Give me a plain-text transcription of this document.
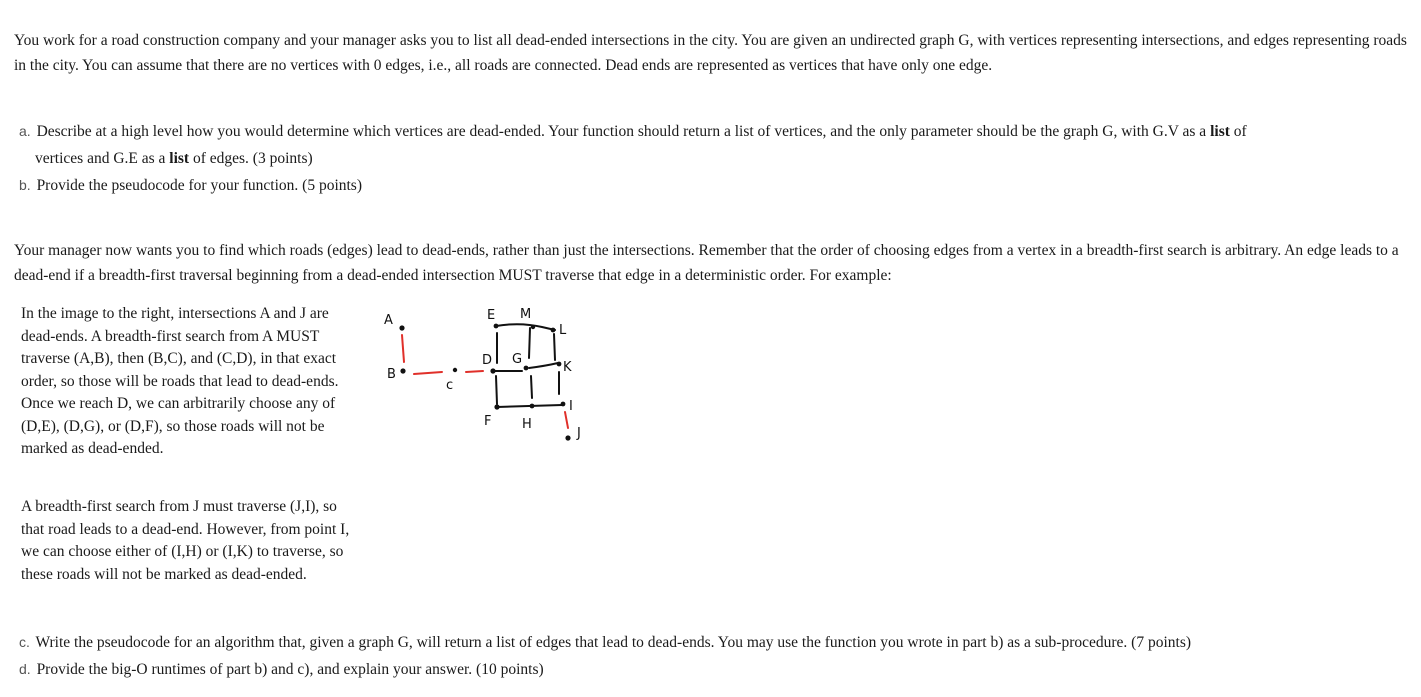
You work for a road construction company and your manager asks you to list all dead-ended intersections in the city. You are given an undirected graph G, with vertices representing intersections, and edges representing roads in the city. You can assume that there are no vertices with 0 edges, i.e., all roads are connected. Dead ends are represented as vertices that have only one edge.

a. Describe at a high level how you would determine which vertices are dead-ended. Your function should return a list of vertices, and the only parameter should be the graph G, with G.V as a list of
vertices and G.E as a list of edges. (3 points)
b. Provide the pseudocode for your function. (5 points)

Your manager now wants you to find which roads (edges) lead to dead-ends, rather than just the intersections. Remember that the order of choosing edges from a vertex in a breadth-first search is arbitrary. An edge leads to a dead-end if a breadth-first traversal beginning from a dead-ended intersection MUST traverse that edge in a deterministic order. For example:

In the image to the right, intersections A and J are dead-ends. A breadth-first search from A MUST traverse (A,B), then (B,C), and (C,D), in that exact order, so those will be roads that lead to dead-ends. Once we reach D, we can arbitrarily choose any of (D,E), (D,G), or (D,F), so those roads will not be marked as dead-ended.
A breadth-first search from J must traverse (J,I), so that road leads to a dead-end. However, from point I, we can choose either of (I,H) or (I,K) to traverse, so these roads will not be marked as dead-ended.
A
B
c
D
E M
L
G
K
F H
I
J
c. Write the pseudocode for an algorithm that, given a graph G, will return a list of edges that lead to dead-ends. You may use the function you wrote in part b) as a sub-procedure. (7 points)
d. Provide the big-O runtimes of part b) and c), and explain your answer. (10 points)
